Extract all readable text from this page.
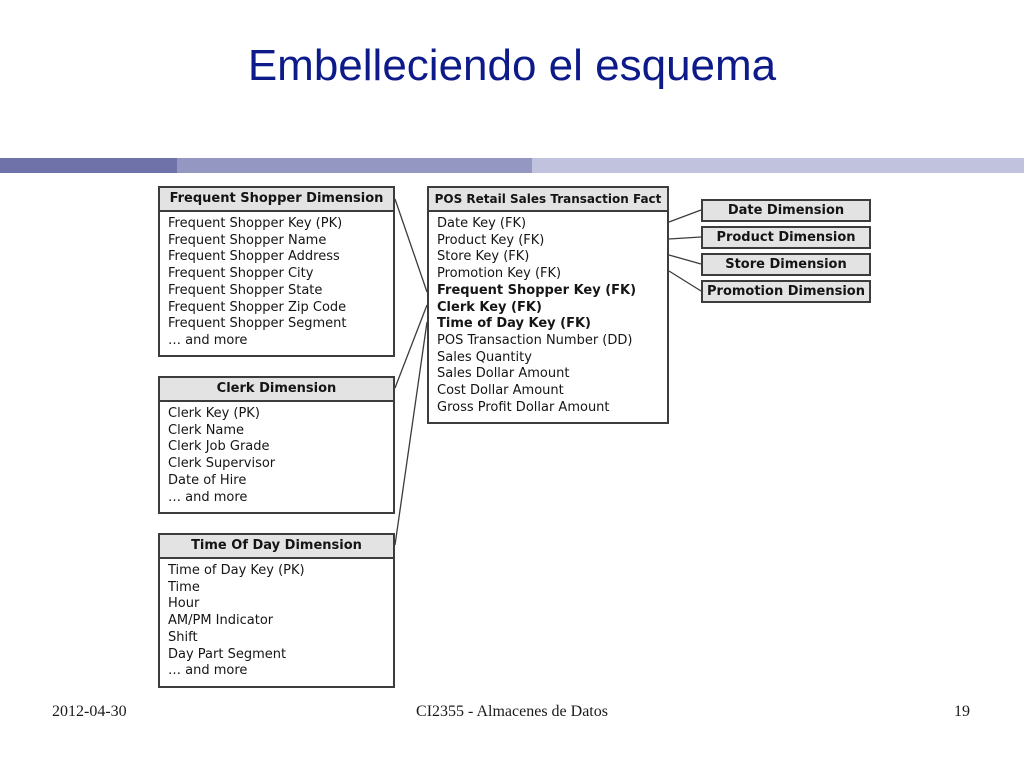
Embelleciendo el esquema
Frequent Shopper Dimension
Frequent Shopper Key (PK)
Frequent Shopper Name
Frequent Shopper Address
Frequent Shopper City
Frequent Shopper State
Frequent Shopper Zip Code
Frequent Shopper Segment
… and more
Clerk Dimension
Clerk Key (PK)
Clerk Name
Clerk Job Grade
Clerk Supervisor
Date of Hire
… and more
Time Of Day Dimension
Time of Day Key (PK)
Time
Hour
AM/PM Indicator
Shift
Day Part Segment
… and more
POS Retail Sales Transaction Fact
Date Key (FK)
Product Key (FK)
Store Key (FK)
Promotion Key (FK)
Frequent Shopper Key (FK)
Clerk Key (FK)
Time of Day Key (FK)
POS Transaction Number (DD)
Sales Quantity
Sales Dollar Amount
Cost Dollar Amount
Gross Profit Dollar Amount
Date Dimension
Product Dimension
Store Dimension
Promotion Dimension
2012-04-30	CI2355 - Almacenes de Datos	19
